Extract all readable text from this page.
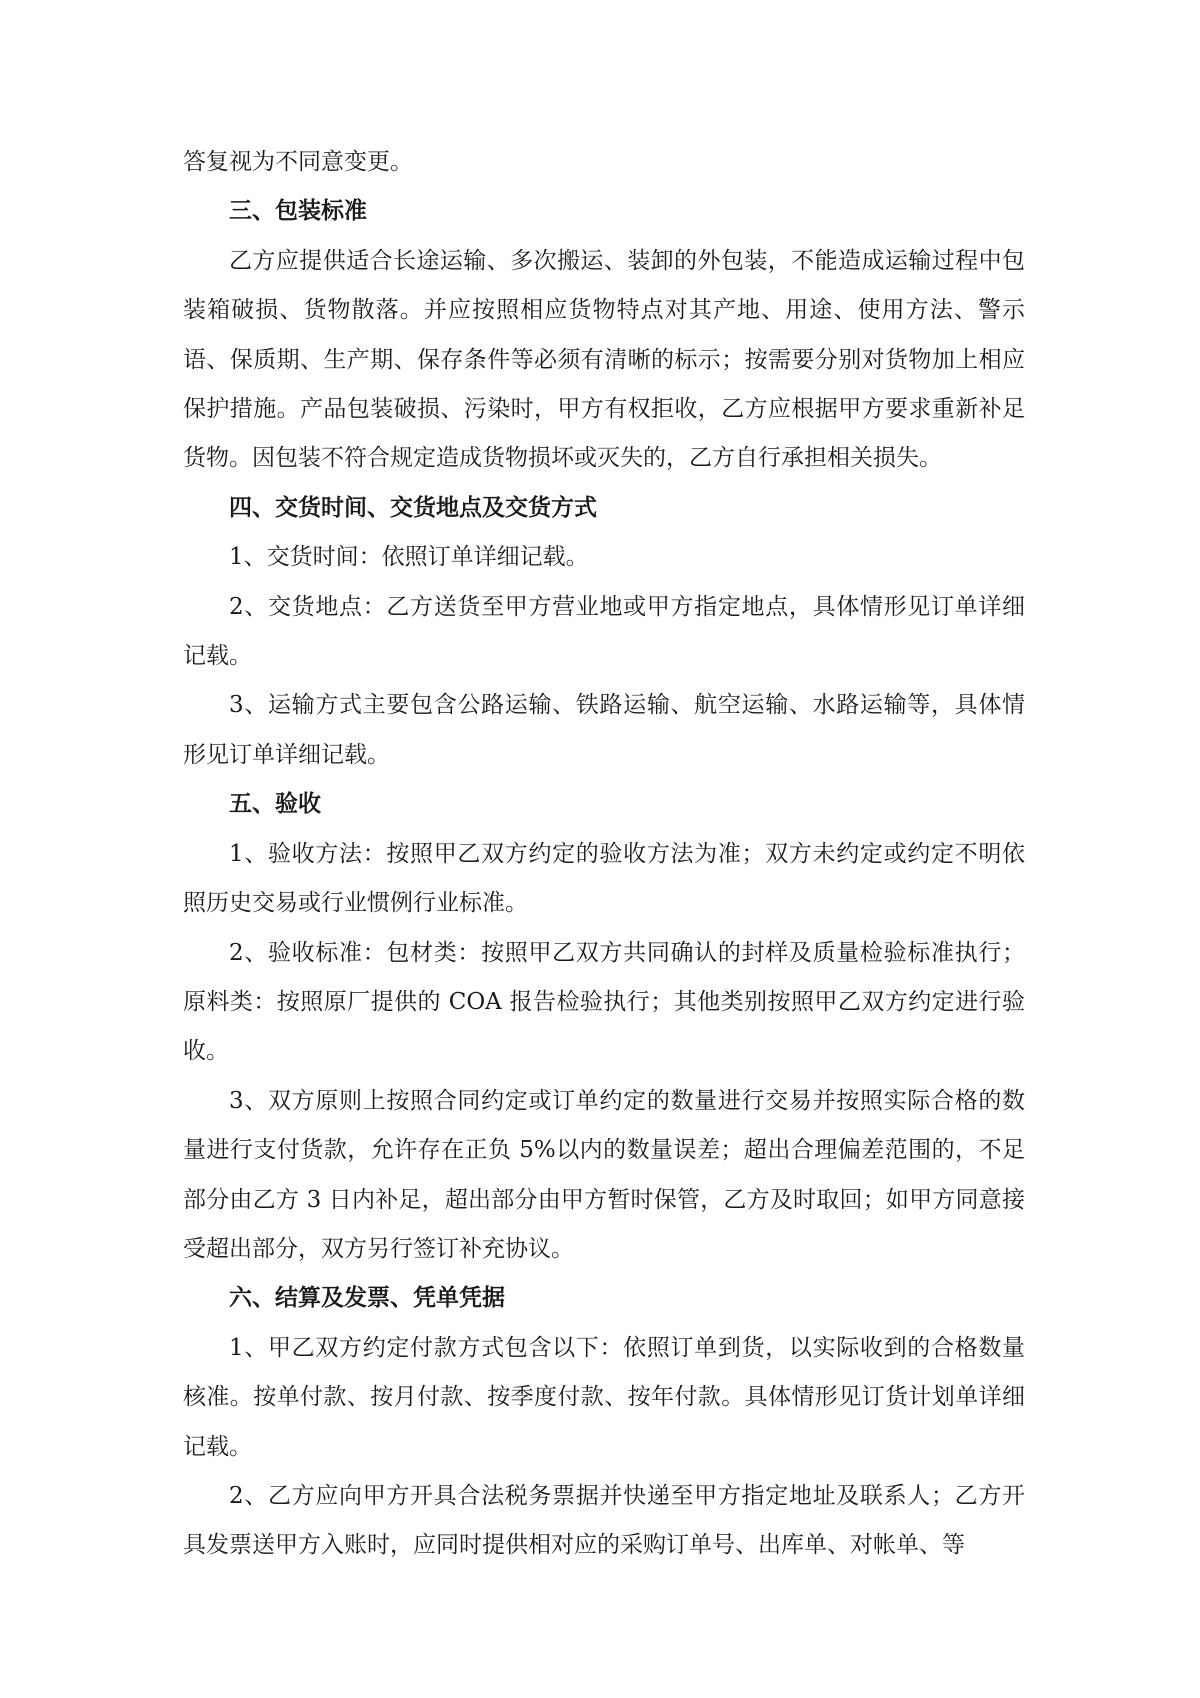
答复视为不同意变更。

三、包装标准

乙方应提供适合长途运输、多次搬运、装卸的外包装，不能造成运输过程中包装箱破损、货物散落。并应按照相应货物特点对其产地、用途、使用方法、警示语、保质期、生产期、保存条件等必须有清晰的标示；按需要分别对货物加上相应保护措施。产品包装破损、污染时，甲方有权拒收，乙方应根据甲方要求重新补足货物。因包装不符合规定造成货物损坏或灭失的，乙方自行承担相关损失。

四、交货时间、交货地点及交货方式

1、交货时间：依照订单详细记载。

2、交货地点：乙方送货至甲方营业地或甲方指定地点，具体情形见订单详细记载。

3、运输方式主要包含公路运输、铁路运输、航空运输、水路运输等，具体情形见订单详细记载。

五、验收

1、验收方法：按照甲乙双方约定的验收方法为准；双方未约定或约定不明依照历史交易或行业惯例行业标准。

2、验收标准：包材类：按照甲乙双方共同确认的封样及质量检验标准执行；原料类：按照原厂提供的 COA 报告检验执行；其他类别按照甲乙双方约定进行验收。

3、双方原则上按照合同约定或订单约定的数量进行交易并按照实际合格的数量进行支付货款，允许存在正负 5%以内的数量误差；超出合理偏差范围的，不足部分由乙方 3 日内补足，超出部分由甲方暂时保管，乙方及时取回；如甲方同意接受超出部分，双方另行签订补充协议。

六、结算及发票、凭单凭据

1、甲乙双方约定付款方式包含以下：依照订单到货，以实际收到的合格数量核准。按单付款、按月付款、按季度付款、按年付款。具体情形见订货计划单详细记载。

2、乙方应向甲方开具合法税务票据并快递至甲方指定地址及联系人；乙方开具发票送甲方入账时，应同时提供相对应的采购订单号、出库单、对帐单、等
